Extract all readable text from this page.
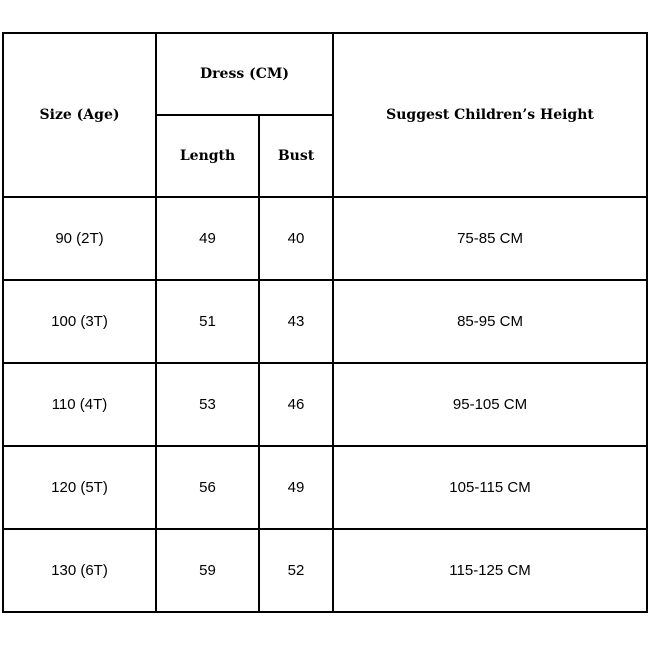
Size (Age)	Dress (CM)		Suggest Children’s Height
	Length	Bust	
90 (2T)	49	40	75-85 CM
100 (3T)	51	43	85-95 CM
110 (4T)	53	46	95-105 CM
120 (5T)	56	49	105-115 CM
130 (6T)	59	52	115-125 CM
